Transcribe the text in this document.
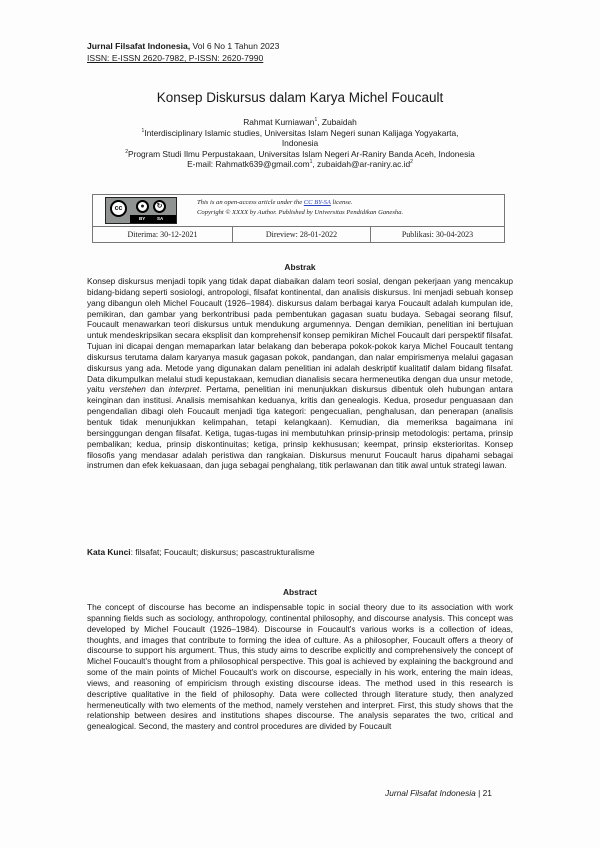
Jurnal Filsafat Indonesia, Vol 6 No 1 Tahun 2023
ISSN: E-ISSN 2620-7982, P-ISSN: 2620-7990
Konsep Diskursus dalam Karya Michel Foucault
Rahmat Kurniawan$^1$, Zubaidah
$^1$Interdisciplinary Islamic studies, Universitas Islam Negeri sunan Kalijaga Yogyakarta,
Indonesia
$^2$Program Studi Ilmu Perpustakaan, Universitas Islam Negeri Ar-Raniry Banda Aceh, Indonesia
E-mail: Rahmatk639@gmail.com$^1$, $zubaidah@ar-raniry.ac.id^2$
cc	●	↻
BY	SA
This is an open-access article under the CC BY-SA license.
Copyright © XXXX by Author. Published by Universitas Pendidikan Ganesha.
Diterima: 30-12-2021	Direview: 28-01-2022	Publikasi: 30-04-2023
Abstrak
Konsep diskursus menjadi topik yang tidak dapat diabaikan dalam teori sosial, dengan pekerjaan yang mencakup bidang-bidang seperti sosiologi, antropologi, filsafat kontinental, dan analisis diskursus. Ini menjadi sebuah konsep yang dibangun oleh Michel Foucault (1926–1984). diskursus dalam berbagai karya Foucault adalah kumpulan ide, pemikiran, dan gambar yang berkontribusi pada pembentukan gagasan suatu budaya. Sebagai seorang filsuf, Foucault menawarkan teori diskursus untuk mendukung argumennya. Dengan demikian, penelitian ini bertujuan untuk mendeskripsikan secara eksplisit dan komprehensif konsep pemikiran Michel Foucault dari perspektif filsafat. Tujuan ini dicapai dengan memaparkan latar belakang dan beberapa pokok-pokok karya Michel Foucault tentang diskursus terutama dalam karyanya masuk gagasan pokok, pandangan, dan nalar empirismenya melalui gagasan diskursus yang ada. Metode yang digunakan dalam penelitian ini adalah deskriptif kualitatif dalam bidang filsafat. Data dikumpulkan melalui studi kepustakaan, kemudian dianalisis secara hermeneutika dengan dua unsur metode, yaitu verstehen dan interpret. Pertama, penelitian ini menunjukkan diskursus dibentuk oleh hubungan antara keinginan dan institusi. Analisis memisahkan keduanya, kritis dan genealogis. Kedua, prosedur penguasaan dan pengendalian dibagi oleh Foucault menjadi tiga kategori: pengecualian, penghalusan, dan penerapan (analisis bentuk tidak menunjukkan kelimpahan, tetapi kelangkaan). Kemudian, dia memeriksa bagaimana ini bersinggungan dengan filsafat. Ketiga, tugas-tugas ini membutuhkan prinsip-prinsip metodologis: pertama, prinsip pembalikan; kedua, prinsip diskontinuitas; ketiga, prinsip kekhususan; keempat, prinsip eksterioritas. Konsep filosofis yang mendasar adalah peristiwa dan rangkaian. Diskursus menurut Foucault harus dipahami sebagai instrumen dan efek kekuasaan, dan juga sebagai penghalang, titik perlawanan dan titik awal untuk strategi lawan.
Kata Kunci: filsafat; Foucault; diskursus; pascastrukturalisme
Abstract
The concept of discourse has become an indispensable topic in social theory due to its association with work spanning fields such as sociology, anthropology, continental philosophy, and discourse analysis. This concept was developed by Michel Foucault (1926–1984). Discourse in Foucault's various works is a collection of ideas, thoughts, and images that contribute to forming the idea of culture. As a philosopher, Foucault offers a theory of discourse to support his argument. Thus, this study aims to describe explicitly and comprehensively the concept of Michel Foucault's thought from a philosophical perspective. This goal is achieved by explaining the background and some of the main points of Michel Foucault's work on discourse, especially in his work, entering the main ideas, views, and reasoning of empiricism through existing discourse ideas. The method used in this research is descriptive qualitative in the field of philosophy. Data were collected through literature study, then analyzed hermeneutically with two elements of the method, namely verstehen and interpret. First, this study shows that the relationship between desires and institutions shapes discourse. The analysis separates the two, critical and genealogical. Second, the mastery and control procedures are divided by Foucault
Jurnal Filsafat Indonesia | 21
